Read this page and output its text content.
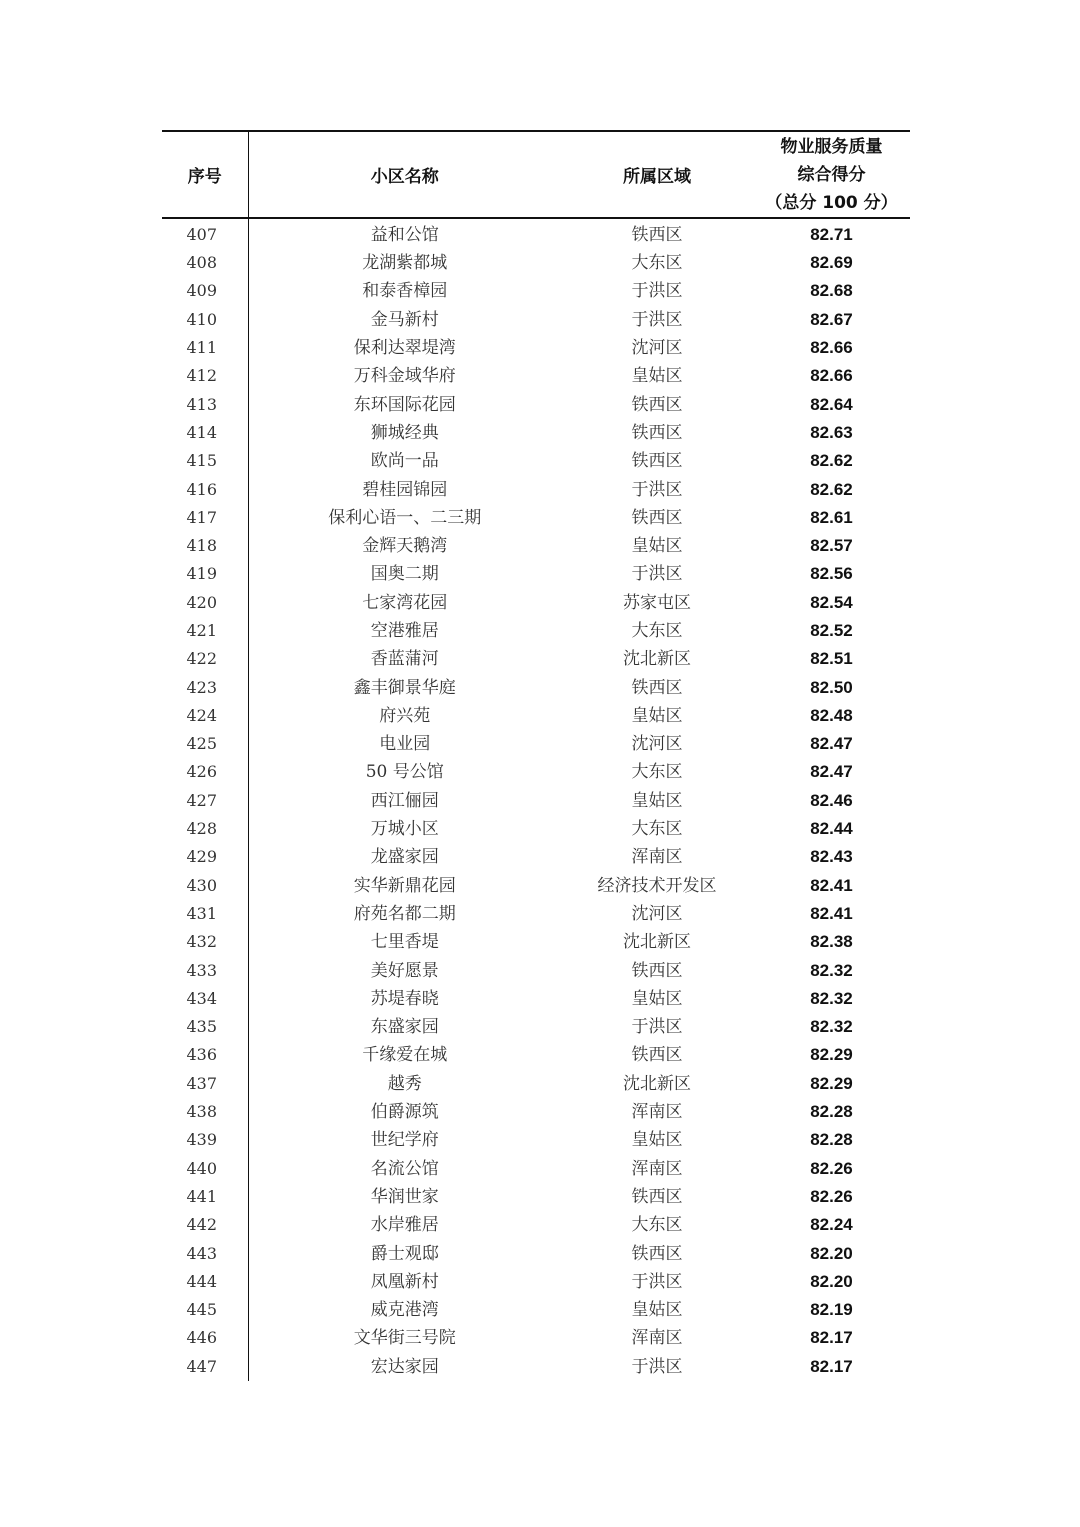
序号	小区名称	所属区域	物业服务质量
综合得分
（总分 100 分）

407	益和公馆	铁西区	82.71
408	龙湖紫都城	大东区	82.69
409	和泰香樟园	于洪区	82.68
410	金马新村	于洪区	82.67
411	保利达翠堤湾	沈河区	82.66
412	万科金域华府	皇姑区	82.66
413	东环国际花园	铁西区	82.64
414	狮城经典	铁西区	82.63
415	欧尚一品	铁西区	82.62
416	碧桂园锦园	于洪区	82.62
417	保利心语一、二三期	铁西区	82.61
418	金辉天鹅湾	皇姑区	82.57
419	国奥二期	于洪区	82.56
420	七家湾花园	苏家屯区	82.54
421	空港雅居	大东区	82.52
422	香蓝蒲河	沈北新区	82.51
423	鑫丰御景华庭	铁西区	82.50
424	府兴苑	皇姑区	82.48
425	电业园	沈河区	82.47
426	50 号公馆	大东区	82.47
427	西江俪园	皇姑区	82.46
428	万城小区	大东区	82.44
429	龙盛家园	浑南区	82.43
430	实华新鼎花园	经济技术开发区	82.41
431	府苑名都二期	沈河区	82.41
432	七里香堤	沈北新区	82.38
433	美好愿景	铁西区	82.32
434	苏堤春晓	皇姑区	82.32
435	东盛家园	于洪区	82.32
436	千缘爱在城	铁西区	82.29
437	越秀	沈北新区	82.29
438	伯爵源筑	浑南区	82.28
439	世纪学府	皇姑区	82.28
440	名流公馆	浑南区	82.26
441	华润世家	铁西区	82.26
442	水岸雅居	大东区	82.24
443	爵士观邸	铁西区	82.20
444	凤凰新村	于洪区	82.20
445	威克港湾	皇姑区	82.19
446	文华街三号院	浑南区	82.17
447	宏达家园	于洪区	82.17
